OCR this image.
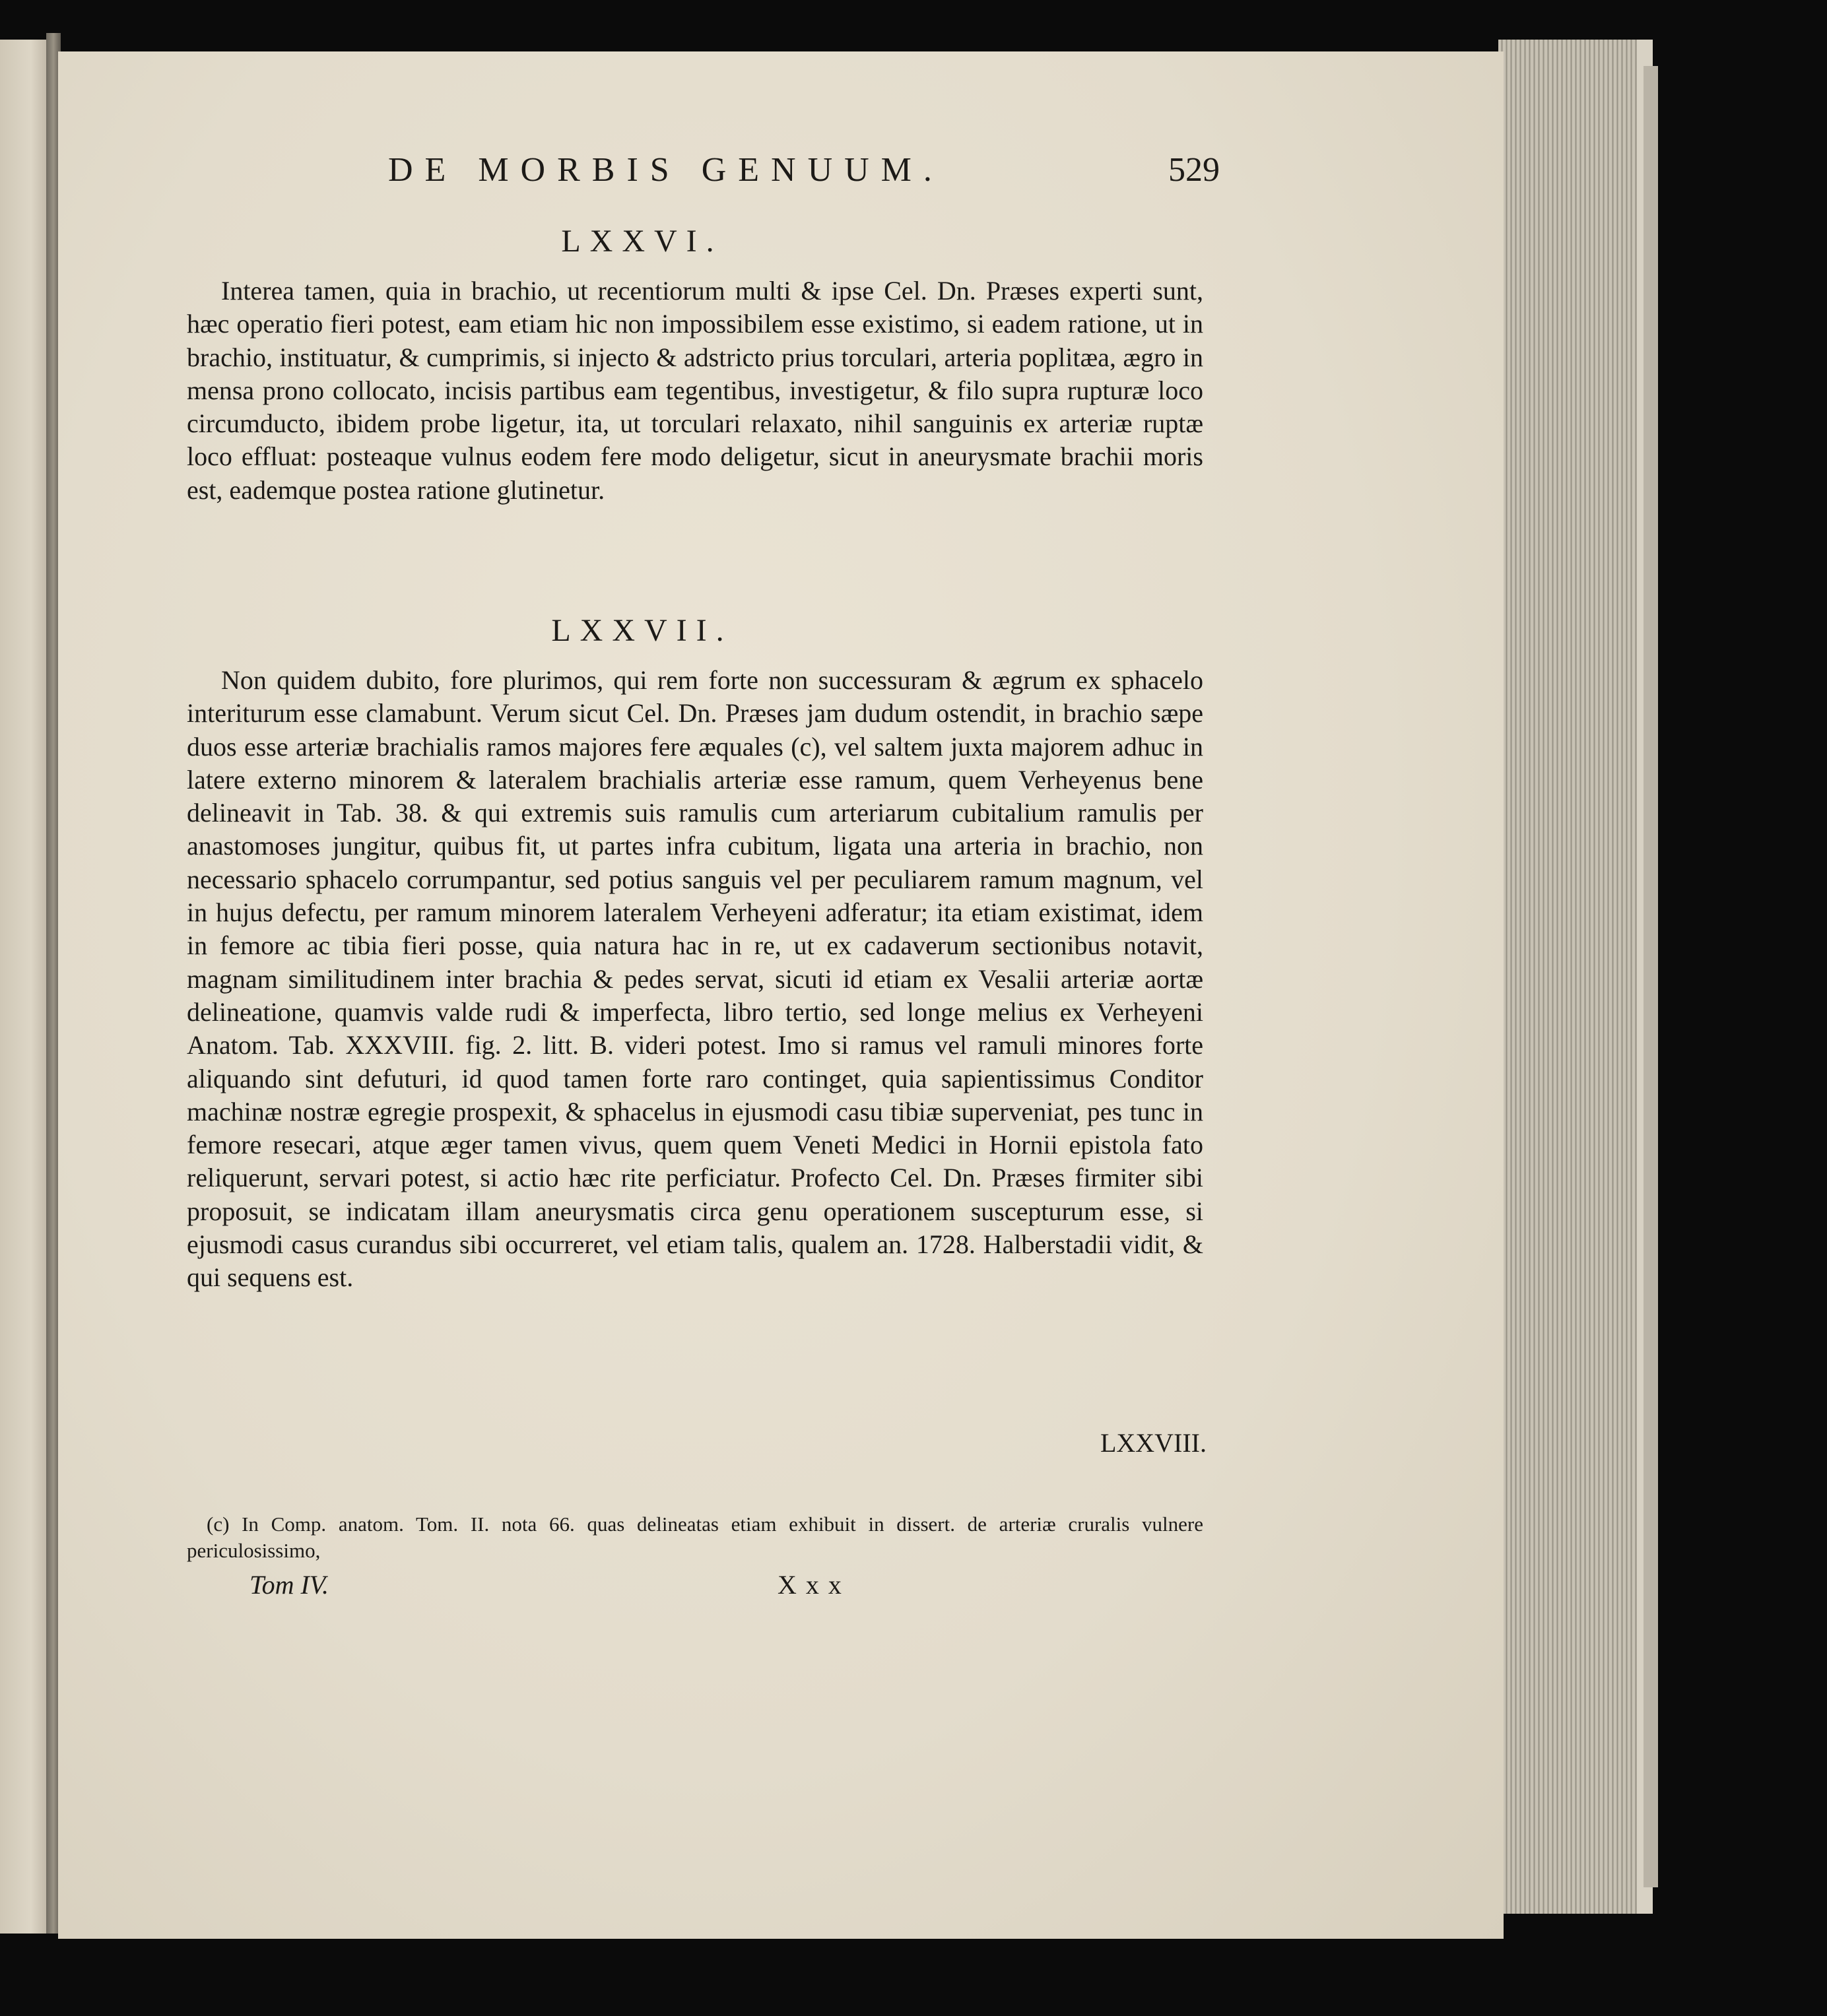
DE MORBIS GENUUM.	529
LXXVI.

Interea tamen, quia in brachio, ut recentiorum multi & ipse Cel. Dn. Præses experti sunt, hæc operatio fieri potest, eam etiam hic non impossibilem esse existimo, si eadem ratione, ut in brachio, instituatur, & cumprimis, si injecto & adstricto prius torculari, arteria poplitæa, ægro in mensa prono collocato, incisis partibus eam tegentibus, investigetur, & filo supra rupturæ loco circumducto, ibidem probe ligetur, ita, ut torculari relaxato, nihil sanguinis ex arteriæ ruptæ loco effluat: posteaque vulnus eodem fere modo deligetur, sicut in aneurysmate brachii moris est, eademque postea ratione glutinetur.

LXXVII.

Non quidem dubito, fore plurimos, qui rem forte non successuram & ægrum ex sphacelo interiturum esse clamabunt. Verum sicut Cel. Dn. Præses jam dudum ostendit, in brachio sæpe duos esse arteriæ brachialis ramos majores fere æquales (c), vel saltem juxta majorem adhuc in latere externo minorem & lateralem brachialis arteriæ esse ramum, quem Verheyenus bene delineavit in Tab. 38. & qui extremis suis ramulis cum arteriarum cubitalium ramulis per anastomoses jungitur, quibus fit, ut partes infra cubitum, ligata una arteria in brachio, non necessario sphacelo corrumpantur, sed potius sanguis vel per peculiarem ramum magnum, vel in hujus defectu, per ramum minorem lateralem Verheyeni adferatur; ita etiam existimat, idem in femore ac tibia fieri posse, quia natura hac in re, ut ex cadaverum sectionibus notavit, magnam similitudinem inter brachia & pedes servat, sicuti id etiam ex Vesalii arteriæ aortæ delineatione, quamvis valde rudi & imperfecta, libro tertio, sed longe melius ex Verheyeni Anatom. Tab. XXXVIII. fig. 2. litt. B. videri potest. Imo si ramus vel ramuli minores forte aliquando sint defuturi, id quod tamen forte raro continget, quia sapientissimus Conditor machinæ nostræ egregie prospexit, & sphacelus in ejusmodi casu tibiæ superveniat, pes tunc in femore resecari, atque æger tamen vivus, quem quem Veneti Medici in Hornii epistola fato reliquerunt, servari potest, si actio hæc rite perficiatur. Profecto Cel. Dn. Præses firmiter sibi proposuit, se indicatam illam aneurysmatis circa genu operationem suscepturum esse, si ejusmodi casus curandus sibi occurreret, vel etiam talis, qualem an. 1728. Halberstadii vidit, & qui sequens est.

LXXVIII.

(c) In Comp. anatom. Tom. II. nota 66. quas delineatas etiam exhibuit in dissert. de arteriæ cruralis vulnere periculosissimo,

Tom IV.	Xxx
